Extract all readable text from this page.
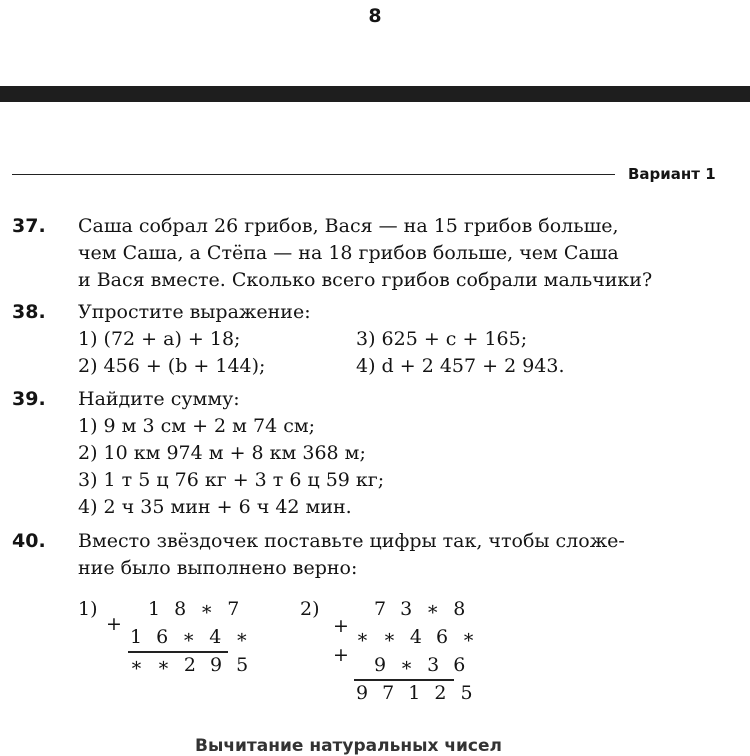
8
Вариант 1
37. Саша собрал 26 грибов, Вася — на 15 грибов больше,
чем Саша, а Стёпа — на 18 грибов больше, чем Саша
и Вася вместе. Сколько всего грибов собрали мальчики?
38. Упростите выражение:
1) (72 + a) + 18;
2) 456 + (b + 144);
3) 625 + c + 165;
4) d + 2 457 + 2 943.
39. Найдите сумму:
1) 9 м 3 см + 2 м 74 см;
2) 10 км 974 м + 8 км 368 м;
3) 1 т 5 ц 76 кг + 3 т 6 ц 59 кг;
4) 2 ч 35 мин + 6 ч 42 мин.
40. Вместо звёздочек поставьте цифры так, чтобы сложе-
ние было выполнено верно:
1)
+
1 8 ∗ 7
1 6 ∗ 4 ∗
∗ ∗ 2 9 5
2)
+
+
7 3 ∗ 8
∗ ∗ 4 6 ∗
9 ∗ 3 6
9 7 1 2 5
Вычитание натуральных чисел
